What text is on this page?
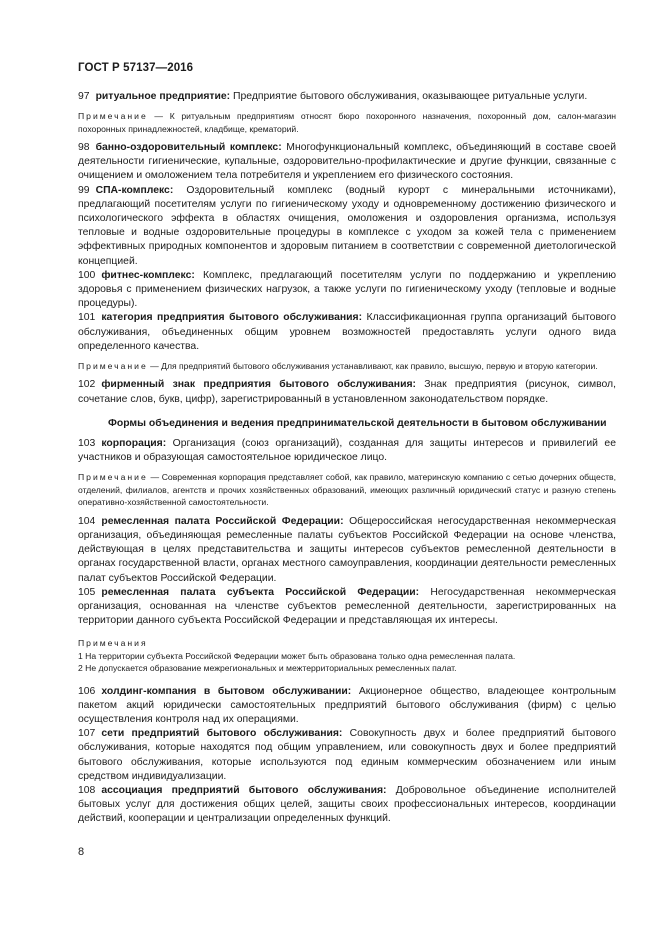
ГОСТ Р 57137—2016

97 ритуальное предприятие: Предприятие бытового обслуживания, оказывающее ритуальные услуги.

Примечание — К ритуальным предприятиям относят бюро похоронного назначения, похоронный дом, салон-магазин похоронных принадлежностей, кладбище, крематорий.

98 банно-оздоровительный комплекс: Многофункциональный комплекс, объединяющий в составе своей деятельности гигиенические, купальные, оздоровительно-профилактические и другие функции, связанные с очищением и омоложением тела потребителя и укреплением его физического состояния.

99 СПА-комплекс: Оздоровительный комплекс (водный курорт с минеральными источниками), предлагающий посетителям услуги по гигиеническому уходу и одновременному достижению физического и психологического эффекта в областях очищения, омоложения и оздоровления организма, используя тепловые и водные оздоровительные процедуры в комплексе с уходом за кожей тела с применением эффективных природных компонентов и здоровым питанием в соответствии с современной диетологической концепцией.

100 фитнес-комплекс: Комплекс, предлагающий посетителям услуги по поддержанию и укреплению здоровья с применением физических нагрузок, а также услуги по гигиеническому уходу (тепловые и водные процедуры).

101 категория предприятия бытового обслуживания: Классификационная группа организаций бытового обслуживания, объединенных общим уровнем возможностей предоставлять услуги одного вида определенного качества.

Примечание — Для предприятий бытового обслуживания устанавливают, как правило, высшую, первую и вторую категории.

102 фирменный знак предприятия бытового обслуживания: Знак предприятия (рисунок, символ, сочетание слов, букв, цифр), зарегистрированный в установленном законодательством порядке.

Формы объединения и ведения предпринимательской деятельности в бытовом обслуживании

103 корпорация: Организация (союз организаций), созданная для защиты интересов и привилегий ее участников и образующая самостоятельное юридическое лицо.

Примечание — Современная корпорация представляет собой, как правило, материнскую компанию с сетью дочерних обществ, отделений, филиалов, агентств и прочих хозяйственных образований, имеющих различный юридический статус и разную степень оперативно-хозяйственной самостоятельности.

104 ремесленная палата Российской Федерации: Общероссийская негосударственная некоммерческая организация, объединяющая ремесленные палаты субъектов Российской Федерации на основе членства, действующая в целях представительства и защиты интересов субъектов ремесленной деятельности в органах государственной власти, органах местного самоуправления, координации деятельности ремесленных палат субъектов Российской Федерации.

105 ремесленная палата субъекта Российской Федерации: Негосударственная некоммерческая организация, основанная на членстве субъектов ремесленной деятельности, зарегистрированных на территории данного субъекта Российской Федерации и представляющая их интересы.

Примечания

1 На территории субъекта Российской Федерации может быть образована только одна ремесленная палата.

2 Не допускается образование межрегиональных и межтерриториальных ремесленных палат.

106 холдинг-компания в бытовом обслуживании: Акционерное общество, владеющее контрольным пакетом акций юридически самостоятельных предприятий бытового обслуживания (фирм) с целью осуществления контроля над их операциями.

107 сети предприятий бытового обслуживания: Совокупность двух и более предприятий бытового обслуживания, которые находятся под общим управлением, или совокупность двух и более предприятий бытового обслуживания, которые используются под единым коммерческим обозначением или иным средством индивидуализации.

108 ассоциация предприятий бытового обслуживания: Добровольное объединение исполнителей бытовых услуг для достижения общих целей, защиты своих профессиональных интересов, координации действий, кооперации и централизации определенных функций.

8
